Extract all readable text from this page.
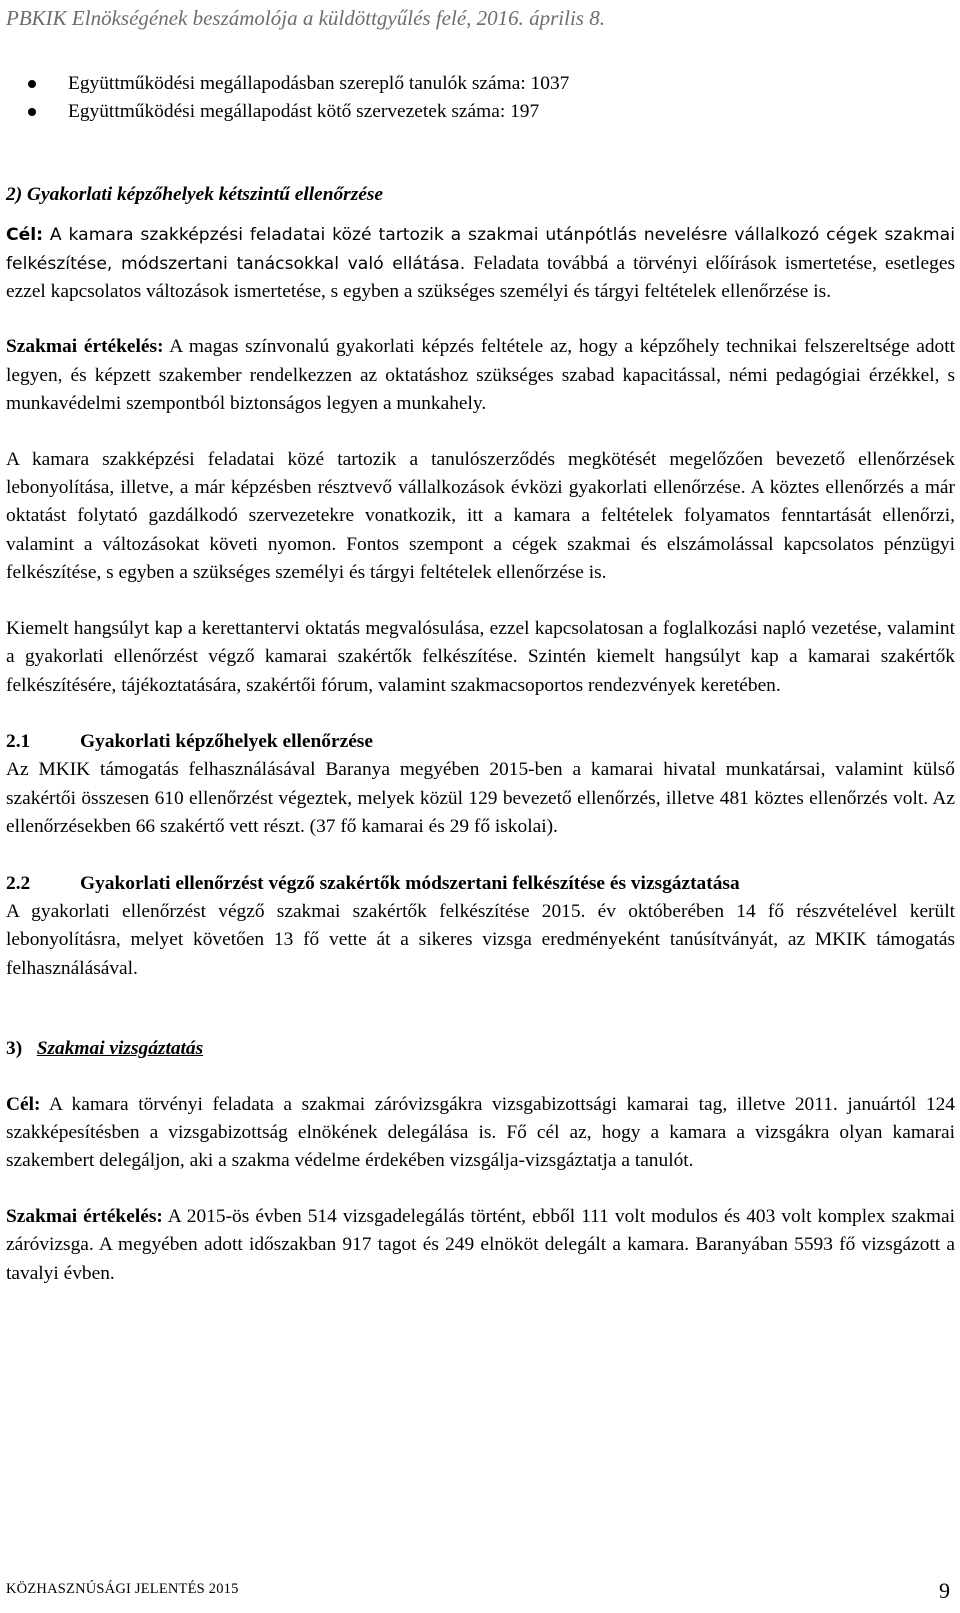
PBKIK Elnökségének beszámolója a küldöttgyűlés felé, 2016. április 8.
Együttműködési megállapodásban szereplő tanulók száma: 1037
Együttműködési megállapodást kötő szervezetek száma: 197
2) Gyakorlati képzőhelyek kétszintű ellenőrzése

Cél: A kamara szakképzési feladatai közé tartozik a szakmai utánpótlás nevelésre vállalkozó cégek szakmai felkészítése, módszertani tanácsokkal való ellátása. Feladata továbbá a törvényi előírások ismertetése, esetleges ezzel kapcsolatos változások ismertetése, s egyben a szükséges személyi és tárgyi feltételek ellenőrzése is.

Szakmai értékelés: A magas színvonalú gyakorlati képzés feltétele az, hogy a képzőhely technikai felszereltsége adott legyen, és képzett szakember rendelkezzen az oktatáshoz szükséges szabad kapacitással, némi pedagógiai érzékkel, s munkavédelmi szempontból biztonságos legyen a munkahely.

A kamara szakképzési feladatai közé tartozik a tanulószerződés megkötését megelőzően bevezető ellenőrzések lebonyolítása, illetve, a már képzésben résztvevő vállalkozások évközi gyakorlati ellenőrzése. A köztes ellenőrzés a már oktatást folytató gazdálkodó szervezetekre vonatkozik, itt a kamara a feltételek folyamatos fenntartását ellenőrzi, valamint a változásokat követi nyomon. Fontos szempont a cégek szakmai és elszámolással kapcsolatos pénzügyi felkészítése, s egyben a szükséges személyi és tárgyi feltételek ellenőrzése is.

Kiemelt hangsúlyt kap a kerettantervi oktatás megvalósulása, ezzel kapcsolatosan a foglalkozási napló vezetése, valamint a gyakorlati ellenőrzést végző kamarai szakértők felkészítése. Szintén kiemelt hangsúlyt kap a kamarai szakértők felkészítésére, tájékoztatására, szakértői fórum, valamint szakmacsoportos rendezvények keretében.

2.1	Gyakorlati képzőhelyek ellenőrzése

Az MKIK támogatás felhasználásával Baranya megyében 2015-ben a kamarai hivatal munkatársai, valamint külső szakértői összesen 610 ellenőrzést végeztek, melyek közül 129 bevezető ellenőrzés, illetve 481 köztes ellenőrzés volt. Az ellenőrzésekben 66 szakértő vett részt. (37 fő kamarai és 29 fő iskolai).

2.2	Gyakorlati ellenőrzést végző szakértők módszertani felkészítése és vizsgáztatása

A gyakorlati ellenőrzést végző szakmai szakértők felkészítése 2015. év októberében 14 fő részvételével került lebonyolításra, melyet követően 13 fő vette át a sikeres vizsga eredményeként tanúsítványát, az MKIK támogatás felhasználásával.

3) Szakmai vizsgáztatás

Cél: A kamara törvényi feladata a szakmai záróvizsgákra vizsgabizottsági kamarai tag, illetve 2011. januártól 124 szakképesítésben a vizsgabizottság elnökének delegálása is. Fő cél az, hogy a kamara a vizsgákra olyan kamarai szakembert delegáljon, aki a szakma védelme érdekében vizsgálja-vizsgáztatja a tanulót.

Szakmai értékelés: A 2015-ös évben 514 vizsgadelegálás történt, ebből 111 volt modulos és 403 volt komplex szakmai záróvizsga. A megyében adott időszakban 917 tagot és 249 elnököt delegált a kamara. Baranyában 5593 fő vizsgázott a tavalyi évben.

KÖZHASZNÚSÁGI JELENTÉS 2015	9
